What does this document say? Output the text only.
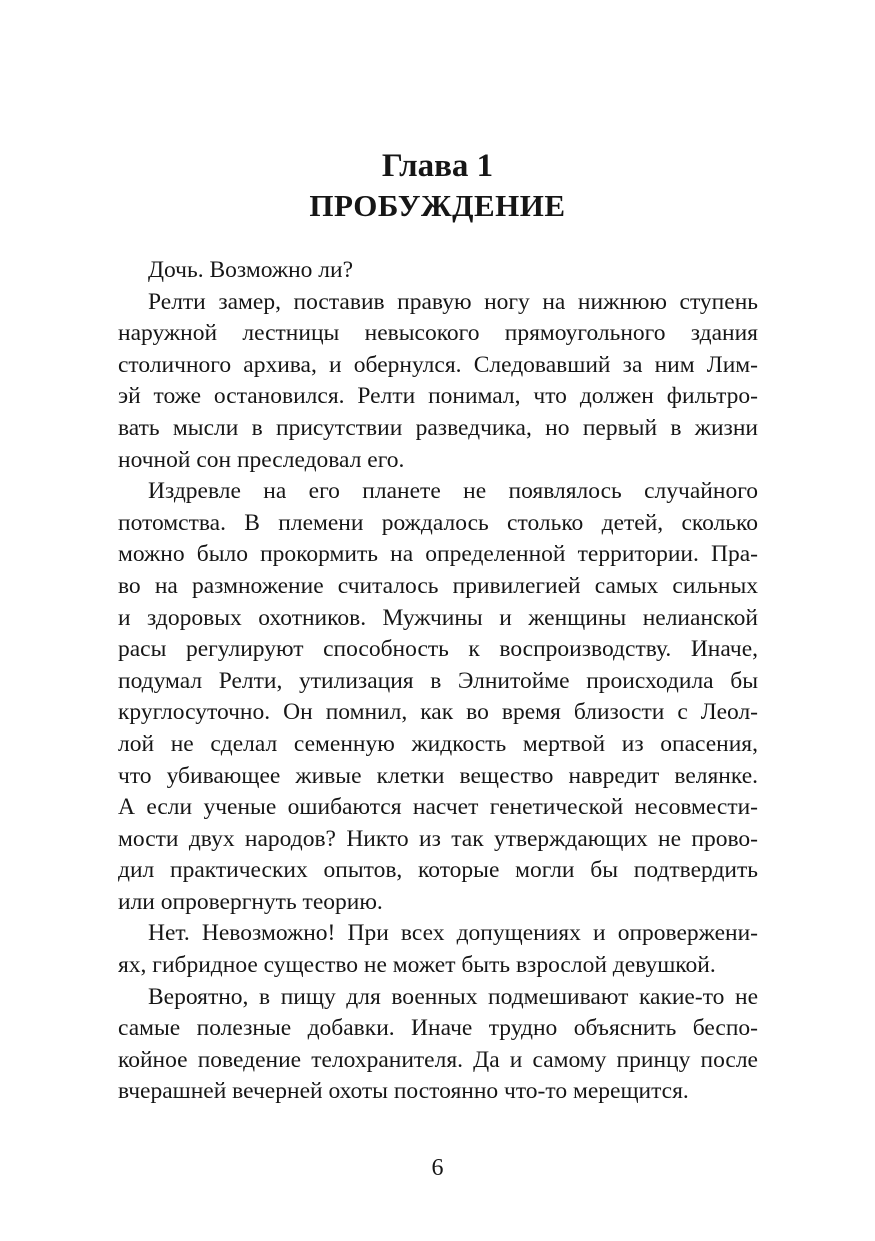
Глава 1
ПРОБУЖДЕНИЕ
Дочь. Возможно ли?
Релти замер, поставив правую ногу на нижнюю ступень
наружной лестницы невысокого прямоугольного здания
столичного архива, и обернулся. Следовавший за ним Лим-
эй тоже остановился. Релти понимал, что должен фильтро-
вать мысли в присутствии разведчика, но первый в жизни
ночной сон преследовал его.
Издревле на его планете не появлялось случайного
потомства. В племени рождалось столько детей, сколько
можно было прокормить на определенной территории. Пра-
во на размножение считалось привилегией самых сильных
и здоровых охотников. Мужчины и женщины нелианской
расы регулируют способность к воспроизводству. Иначе,
подумал Релти, утилизация в Элнитойме происходила бы
круглосуточно. Он помнил, как во время близости с Леол-
лой не сделал семенную жидкость мертвой из опасения,
что убивающее живые клетки вещество навредит велянке.
А если ученые ошибаются насчет генетической несовмести-
мости двух народов? Никто из так утверждающих не прово-
дил практических опытов, которые могли бы подтвердить
или опровергнуть теорию.
Нет. Невозможно! При всех допущениях и опровержени-
ях, гибридное существо не может быть взрослой девушкой.
Вероятно, в пищу для военных подмешивают какие-то не
самые полезные добавки. Иначе трудно объяснить беспо-
койное поведение телохранителя. Да и самому принцу после
вчерашней вечерней охоты постоянно что-то мерещится.
6
